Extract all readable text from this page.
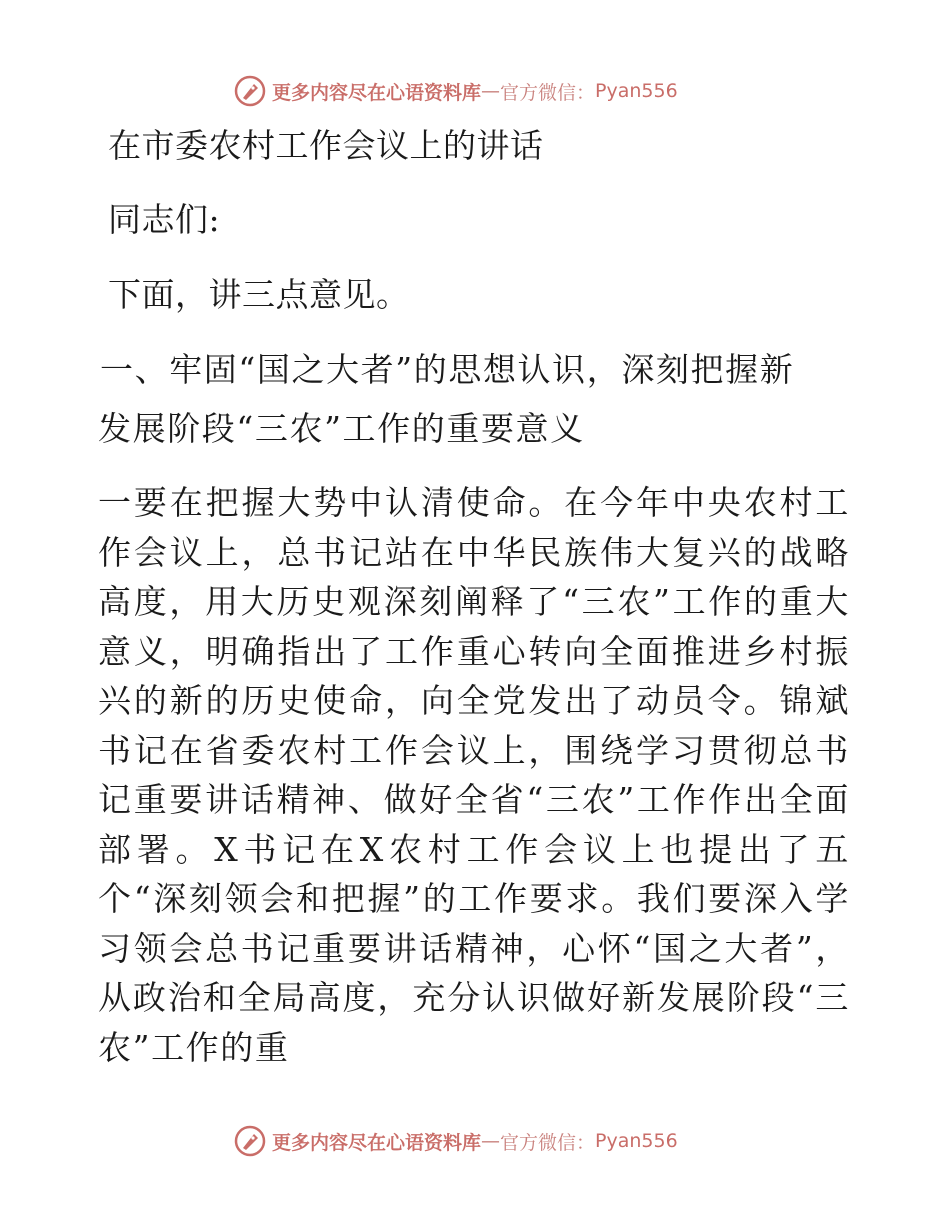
更多内容尽在心语资料库 — 官方微信： Pyan556
在市委农村工作会议上的讲话
同志们:
下面，讲三点意见。
一、牢固“国之大者”的思想认识，深刻把握新
发展阶段“三农”工作的重要意义
一要在把握大势中认清使命。在今年中央农村工作会议上，总书记站在中华民族伟大复兴的战略高度，用大历史观深刻阐释了“三农”工作的重大意义，明确指出了工作重心转向全面推进乡村振兴的新的历史使命，向全党发出了动员令。锦斌书记在省委农村工作会议上，围绕学习贯彻总书记重要讲话精神、做好全省“三农”工作作出全面部署。X书记在X农村工作会议上也提出了五个“深刻领会和把握”的工作要求。我们要深入学习领会总书记重要讲话精神，心怀“国之大者”，从政治和全局高度，充分认识做好新发展阶段“三农”工作的重
更多内容尽在心语资料库 — 官方微信： Pyan556
